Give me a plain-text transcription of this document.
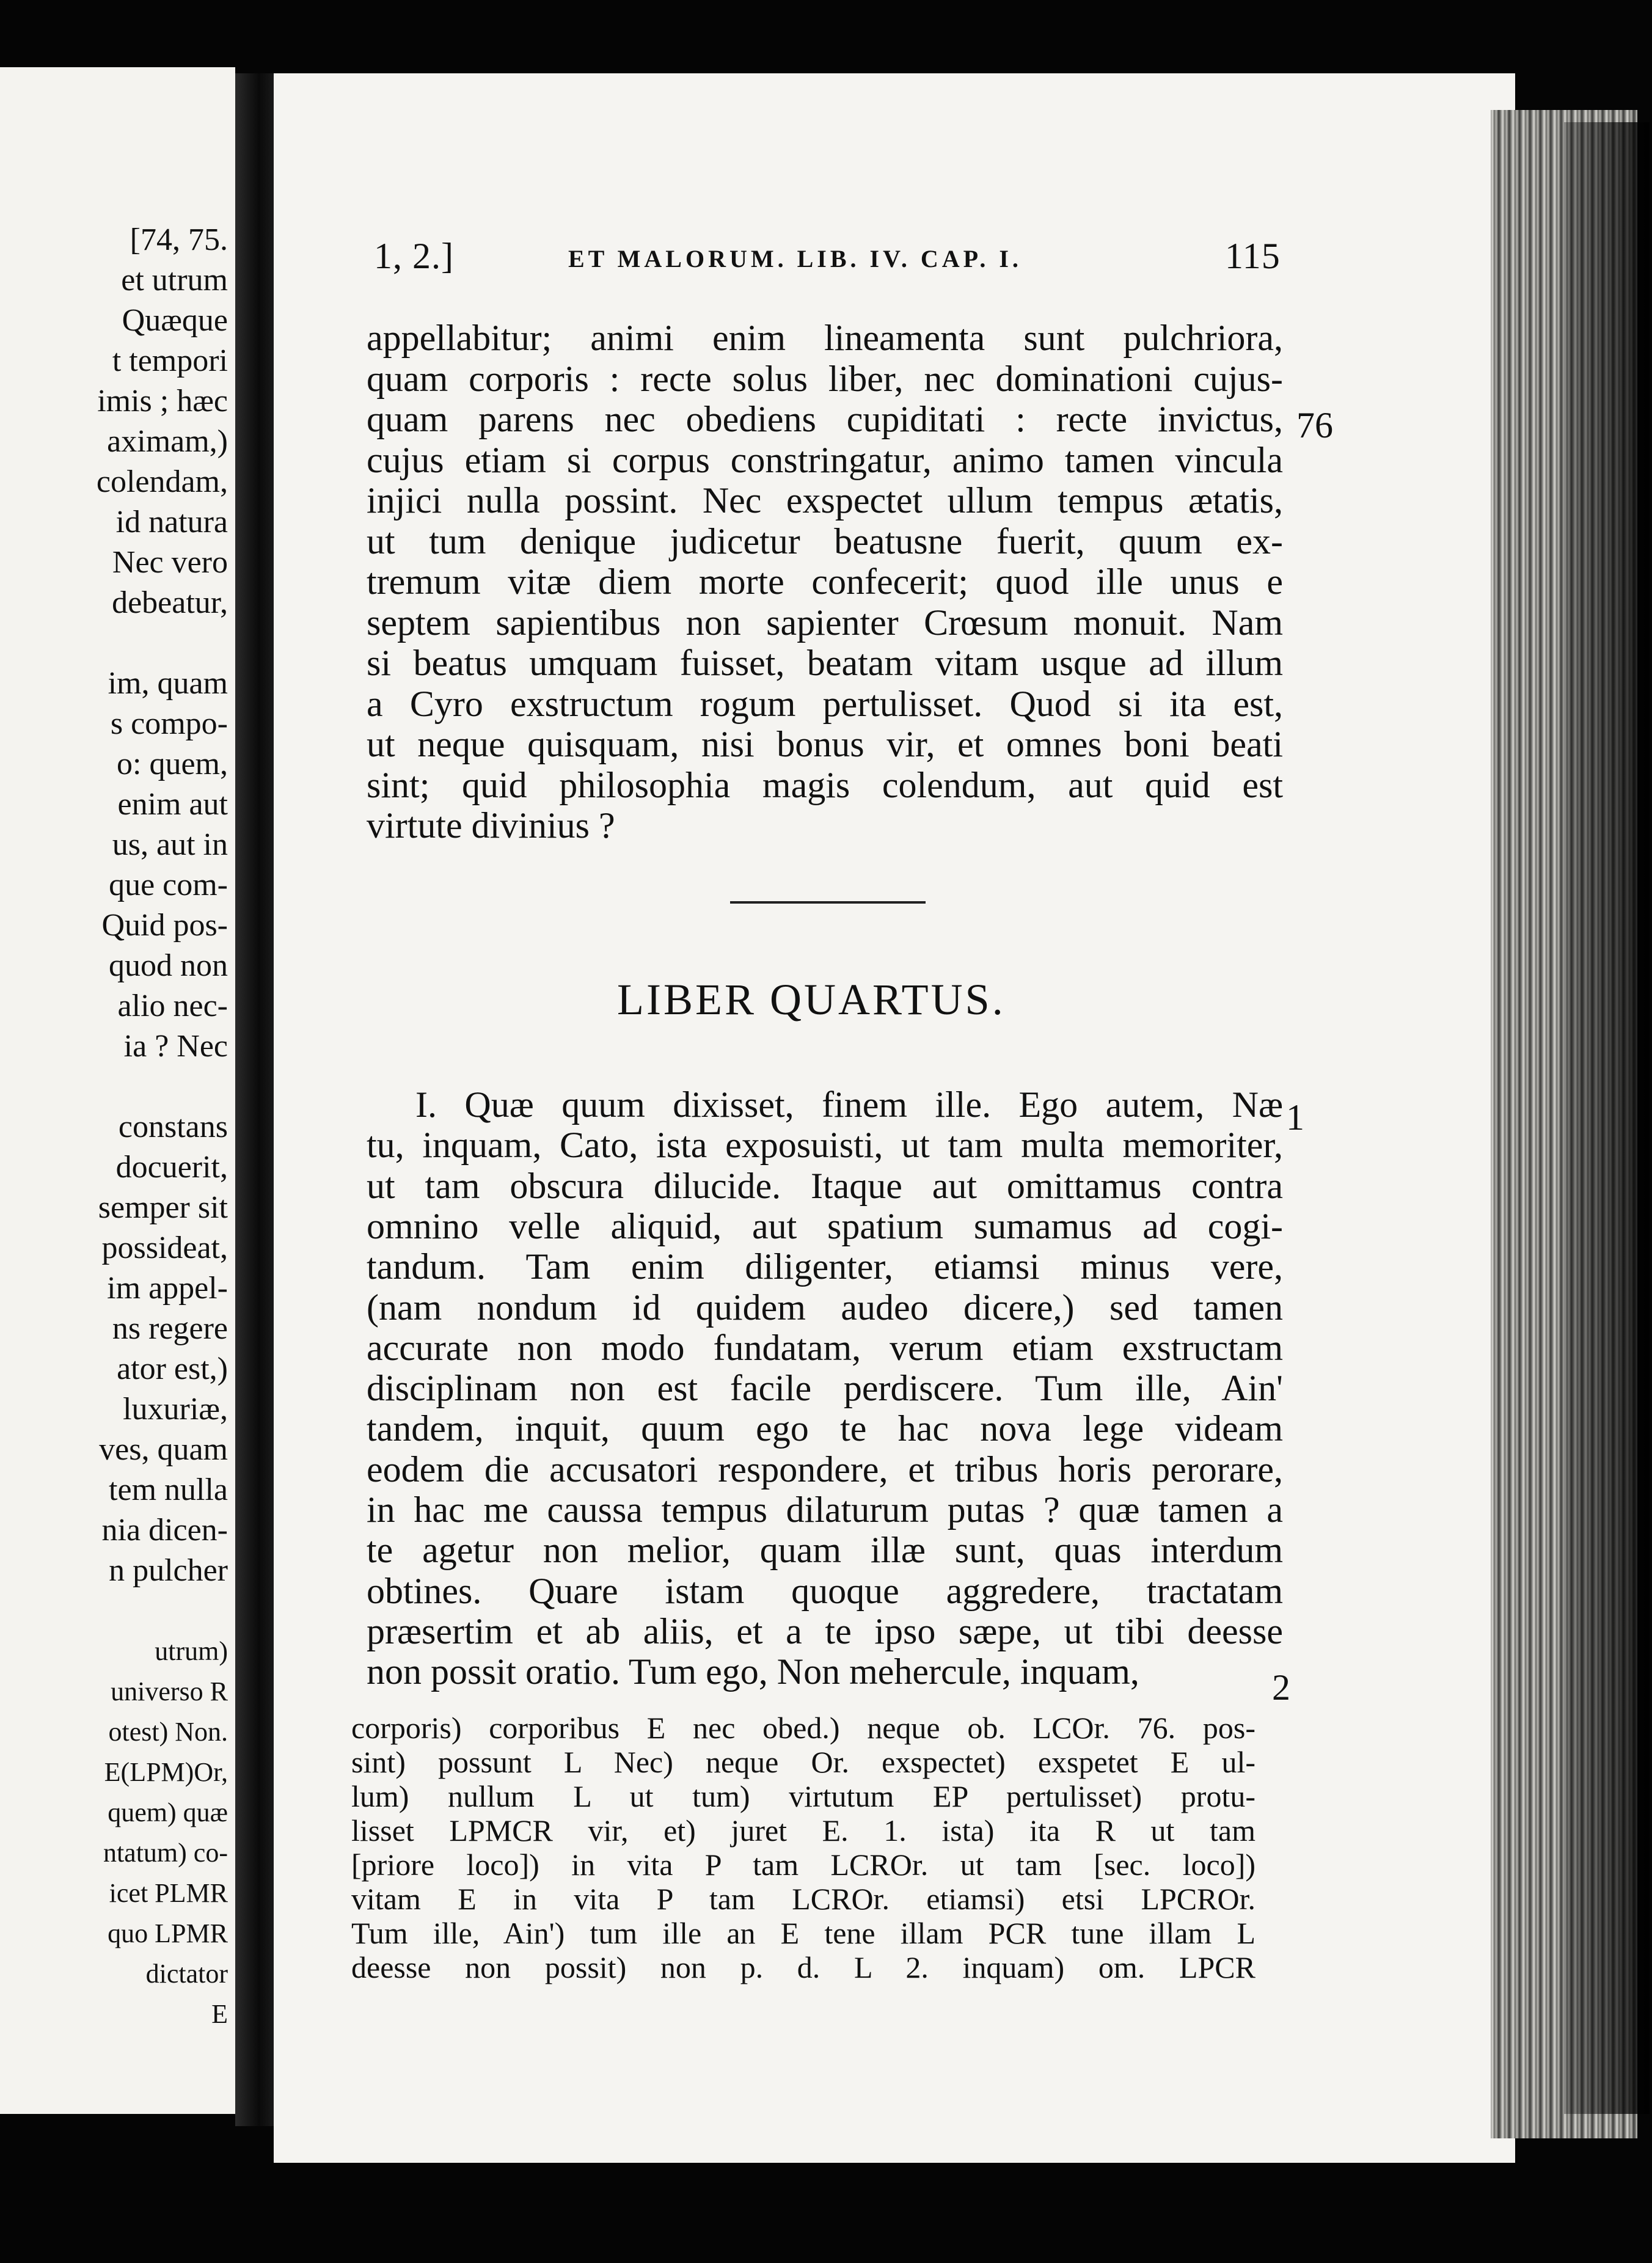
[74, 75.
et utrum
Quæque
t tempori
imis ; hæc
aximam,)
colendam,
id natura
Nec vero
debeatur,
im, quam
s compo-
o: quem,
enim aut
us, aut in
que com-
Quid pos-
quod non
alio nec-
ia ? Nec
constans
docuerit,
semper sit
possideat,
im appel-
ns regere
ator est,)
luxuriæ,
ves, quam
tem nulla
nia dicen-
n pulcher
utrum)
universo R
otest) Non.
E(LPM)Or,
quem) quæ
ntatum) co-
icet PLMR
quo LPMR
dictator
E
1, 2.]	ET MALORUM. LIB. IV. CAP. I.	115
appellabitur; animi enim lineamenta sunt pulchriora,
quam corporis : recte solus liber, nec dominationi cujus-
quam parens nec obediens cupiditati : recte invictus,
cujus etiam si corpus constringatur, animo tamen vincula
injici nulla possint. Nec exspectet ullum tempus ætatis,
ut tum denique judicetur beatusne fuerit, quum ex-
tremum vitæ diem morte confecerit; quod ille unus e
septem sapientibus non sapienter Crœsum monuit. Nam
si beatus umquam fuisset, beatam vitam usque ad illum
a Cyro exstructum rogum pertulisset. Quod si ita est,
ut neque quisquam, nisi bonus vir, et omnes boni beati
sint; quid philosophia magis colendum, aut quid est
virtute divinius ?
76
LIBER QUARTUS.
I. Quæ quum dixisset, finem ille. Ego autem, Næ
tu, inquam, Cato, ista exposuisti, ut tam multa memoriter,
ut tam obscura dilucide. Itaque aut omittamus contra
omnino velle aliquid, aut spatium sumamus ad cogi-
tandum. Tam enim diligenter, etiamsi minus vere,
(nam nondum id quidem audeo dicere,) sed tamen
accurate non modo fundatam, verum etiam exstructam
disciplinam non est facile perdiscere. Tum ille, Ain'
tandem, inquit, quum ego te hac nova lege videam
eodem die accusatori respondere, et tribus horis perorare,
in hac me caussa tempus dilaturum putas ? quæ tamen a
te agetur non melior, quam illæ sunt, quas interdum
obtines. Quare istam quoque aggredere, tractatam
præsertim et ab aliis, et a te ipso sæpe, ut tibi deesse
non possit oratio. Tum ego, Non mehercule, inquam,
1
2
corporis) corporibus E nec obed.) neque ob. LCOr. 76. pos-
sint) possunt L Nec) neque Or. exspectet) exspetet E ul-
lum) nullum L ut tum) virtutum EP pertulisset) protu-
lisset LPMCR vir, et) juret E. 1. ista) ita R ut tam
[priore loco]) in vita P tam LCROr. ut tam [sec. loco])
vitam E in vita P tam LCROr. etiamsi) etsi LPCROr.
Tum ille, Ain') tum ille an E tene illam PCR tune illam L
deesse non possit) non p. d. L 2. inquam) om. LPCR
